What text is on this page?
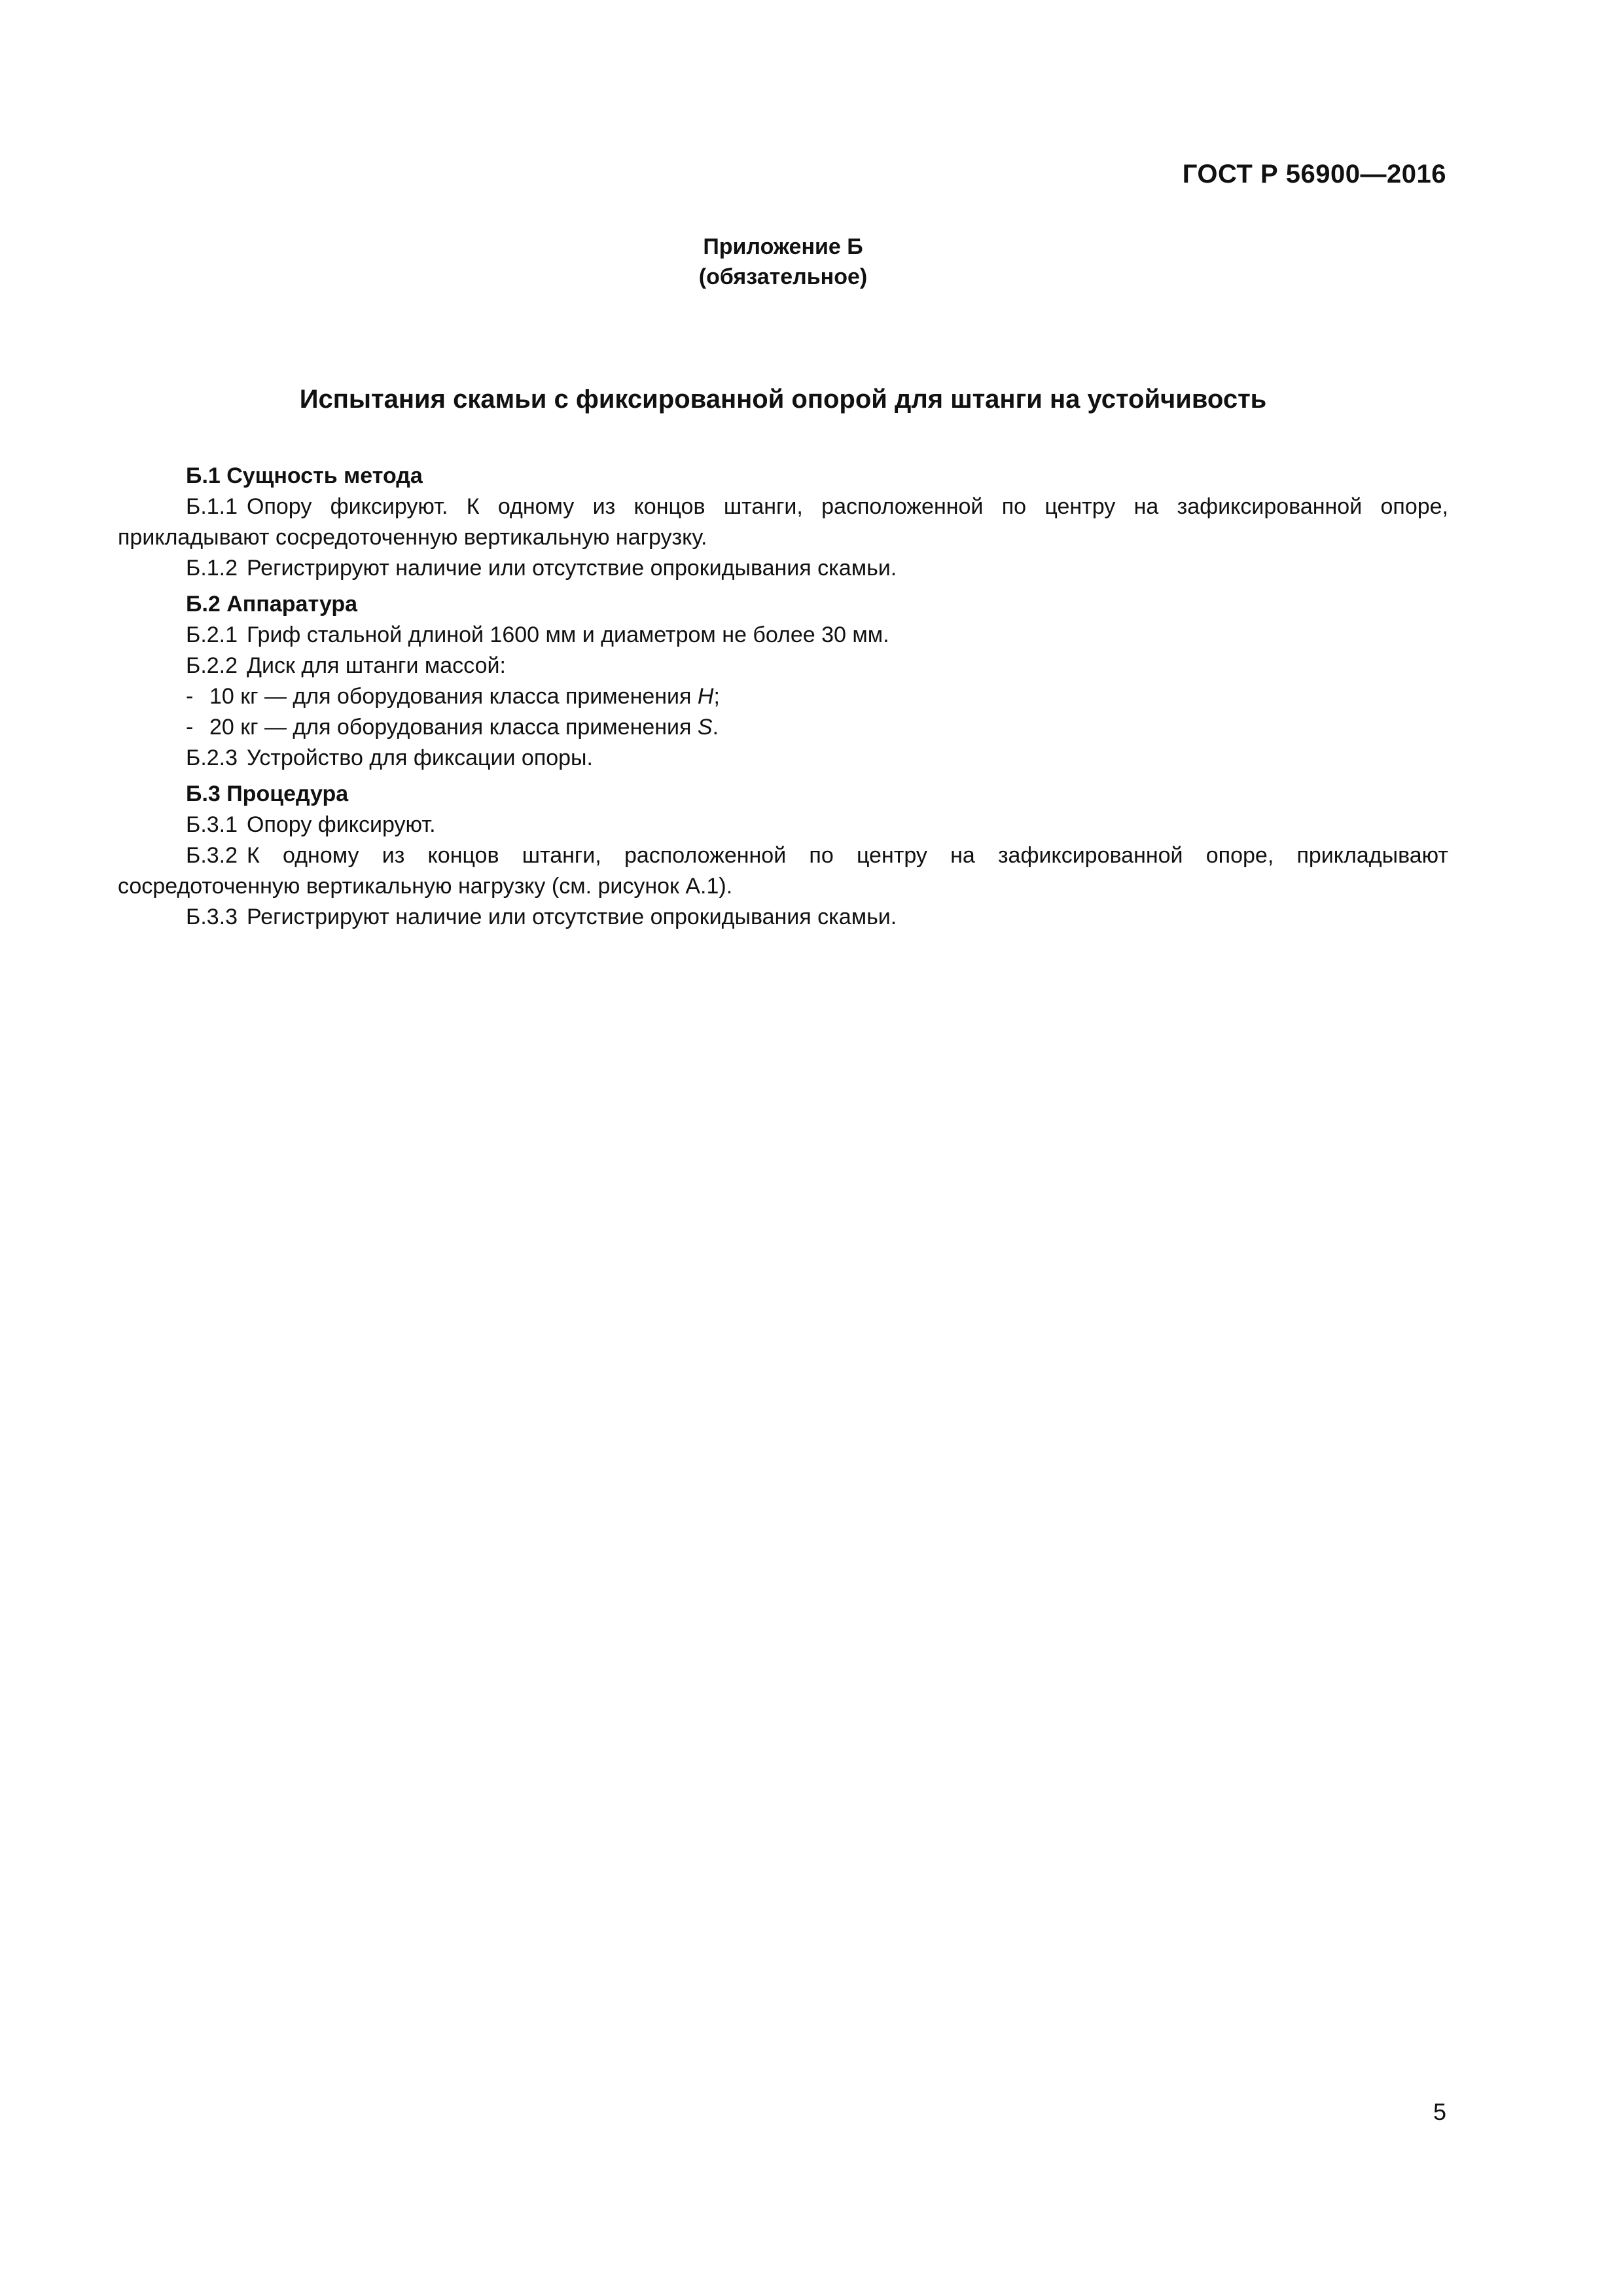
ГОСТ Р 56900—2016
Приложение Б
(обязательное)
Испытания скамьи с фиксированной опорой для штанги на устойчивость

Б.1 Сущность метода

Б.1.1 Опору фиксируют. К одному из концов штанги, расположенной по центру на зафиксированной опоре, прикладывают сосредоточенную вертикальную нагрузку.

Б.1.2 Регистрируют наличие или отсутствие опрокидывания скамьи.

Б.2 Аппаратура

Б.2.1 Гриф стальной длиной 1600 мм и диаметром не более 30 мм.

Б.2.2 Диск для штанги массой:

- 10 кг — для оборудования класса применения H;
- 20 кг — для оборудования класса применения S.

Б.2.3 Устройство для фиксации опоры.

Б.3 Процедура

Б.3.1 Опору фиксируют.

Б.3.2 К одному из концов штанги, расположенной по центру на зафиксированной опоре, прикладывают сосредоточенную вертикальную нагрузку (см. рисунок А.1).

Б.3.3 Регистрируют наличие или отсутствие опрокидывания скамьи.

5
